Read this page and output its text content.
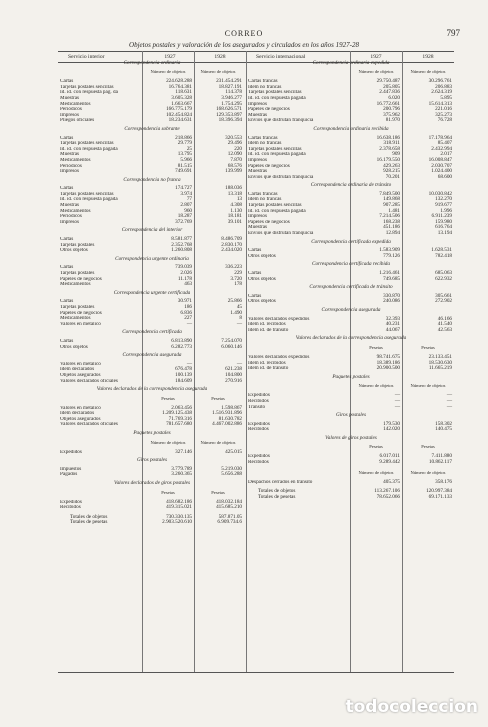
CORREO	797
Objetos postales y valoración de los asegurados y circulados en los años 1927-28
Servicio interior	1927	1928
Correspondencia ordinaria
Número de objetos	Número de objetos
Cartas	224.628.288	231.454.291
Tarjetas postales sencillas	16.764.381	18.827.191
Id. id. con respuesta pag. da	118.631	114.378
Muestras	3.605.328	3.946.277
Medicamentos	1.663.667	1.754.295
Periódicos	166.775.179	168.626.571
Impresos	102.454.824	129.353.897
Pliegos oficiales	18.234.631	18.396.394
Correspondencia sobrante
Cartas	218.866	320.553
Tarjetas postales sencillas	29.779	29.496
Id. id. con respuesta pagada	25	220
Muestras	13.795	12.090
Medicamentos	5.966	7.870
Periódicos	81.515	68.576
Impresos	749.691	139.999
Correspondencia no franca
Cartas	174.727	188.036
Tarjetas postales sencillas	3.974	13.318
Id. id. con respuesta pagada	77	13
Muestras	2.807	4.308
Medicamentos	960	1.130
Periódicos	18.287	18.181
Impresos	372.769	39.101
Correspondencia del interior
Cartas	8.581.877	8.486.709
Tarjetas postales	2.352.768	2.830.170
Otros objetos	1.260.808	2.434.020
Correspondencia urgente ordinaria
Cartas	739.039	336.223
Tarjetas postales	2.026	229
Papeles de negocios	11.178	3.720
Medicamentos	463	178
Correspondencia urgente certificada
Cartas	30.971	25.866
Tarjetas postales	186	45
Papeles de negocios	6.836	1.490
Medicamentos	227	8
Valores en metálico	—	—
Correspondencia certificada
Cartas	6.813.890	7.254.070
Otros objetos	6.282.773	6.060.146
Correspondencia asegurada
Valores en metálico	—	—
Idem declarados	676.478	621.238
Objetos asegurados	100.139	104.800
Valores declarados oficiales	184.609	270.916
Valores declarados de la correspondencia asegurada
Pesetas	Pesetas
Valores en metálico	2.063.456	1.598.867
Idem declarados	1.209.125.438	1.516.931.896
Objetos asegurados	71.769.316	81.630.782
Valores declarados oficiales	781.657.680	4.467.002.886
Paquetes postales
Número de objetos	Número de objetos
Expedidos	327.146	425.015
Giros postales
Impuestos	3.779.789	5.219.030
Pagados	3.260.365	5.656.288
Valores declarados de giros postales
Pesetas	Pesetas
Expedidos	418.682.186	418.032.184
Recibidos	419.315.021	415.685.210
Totales de objetos	730.330.135	587.871.05
Totales de pesetas	2.903.520.610	6.909.734.6
Servicio internacional	1927	1928
Correspondencia ordinaria expedida
Número de objetos	Número de objetos
Cartas francas	29.750.487	30.296.761
Idem no francas	205.805	206.883
Tarjetas postales sencillas	2.447.836	2.624.319
Id. id. con respuesta pagada	6.020	5.895
Impresos	16.772.661	15.614.313
Papeles de negocios	200.796	221.016
Muestras	375.962	325.273
Envíos que disfrutan franquicia	81.970	76.728
Correspondencia ordinaria recibida
Cartas francas	16.638.186	17.178.964
Idem no francas	318.911	85.407
Tarjetas postales sencillas	2.378.658	2.432.994
Id. id. con respuesta pagada	909	2.017
Impresos	16.179.550	16.008.847
Papeles de negocios	429.263	2.030.707
Muestras	928.215	1.024.400
Envíos que disfrutan franquicia	70.201	68.600
Correspondencia ordinaria de tránsito
Cartas francas	7.849.500	10.030.842
Idem no francas	149.868	132.270
Tarjetas postales sencillas	907.285	919.677
Id. id. con respuesta pagada	1.481	1.996
Impresos	7.214.506	6.911.239
Papeles de negocios	168.238	159.980
Muestras	451.186	616.764
Envíos que disfrutan franquicia	12.894	13.194
Correspondencia certificada expedida
Cartas	1.583.909	1.628.531
Otros objetos	779.126	782.418
Correspondencia certificada recibida
Cartas	1.216.461	685.063
Otros objetos	749.685	622.932
Correspondencia certificada de tránsito
Cartas	330.870	305.661
Otros objetos	240.086	272.902
Correspondencia asegurada
Valores declarados expedidos	32.393	46.166
Idem íd. recibidos	40.231	41.540
Idem íd. de tránsito	44.067	42.563
Valores declarados de la correspondencia asegurada
Pesetas	Pesetas
Valores declarados expedidos	98.741.675	23.133.451
Idem íd. recibidos	18.389.186	18.530.630
Idem íd. de tránsito	20.900.500	11.665.219
Paquetes postales
Número de objetos	Número de objetos
Expedidos	—	—
Recibidos	—	—
Tránsito	—	—
Giros postales
Expedidos	179.530	158.302
Recibidos	142.020	140.475
Valores de giros postales
Pesetas	Pesetas
Expedidos	6.017.011	7.411.880
Recibidos	9.289.442	10.862.117
Número de objetos	Número de objetos
Despachos cerrados en tránsito	405.375	358.176
Totales de objetos	113.267.106	120.997.384
Totales de pesetas	78.652.066	69.171.133
todocoleccion
